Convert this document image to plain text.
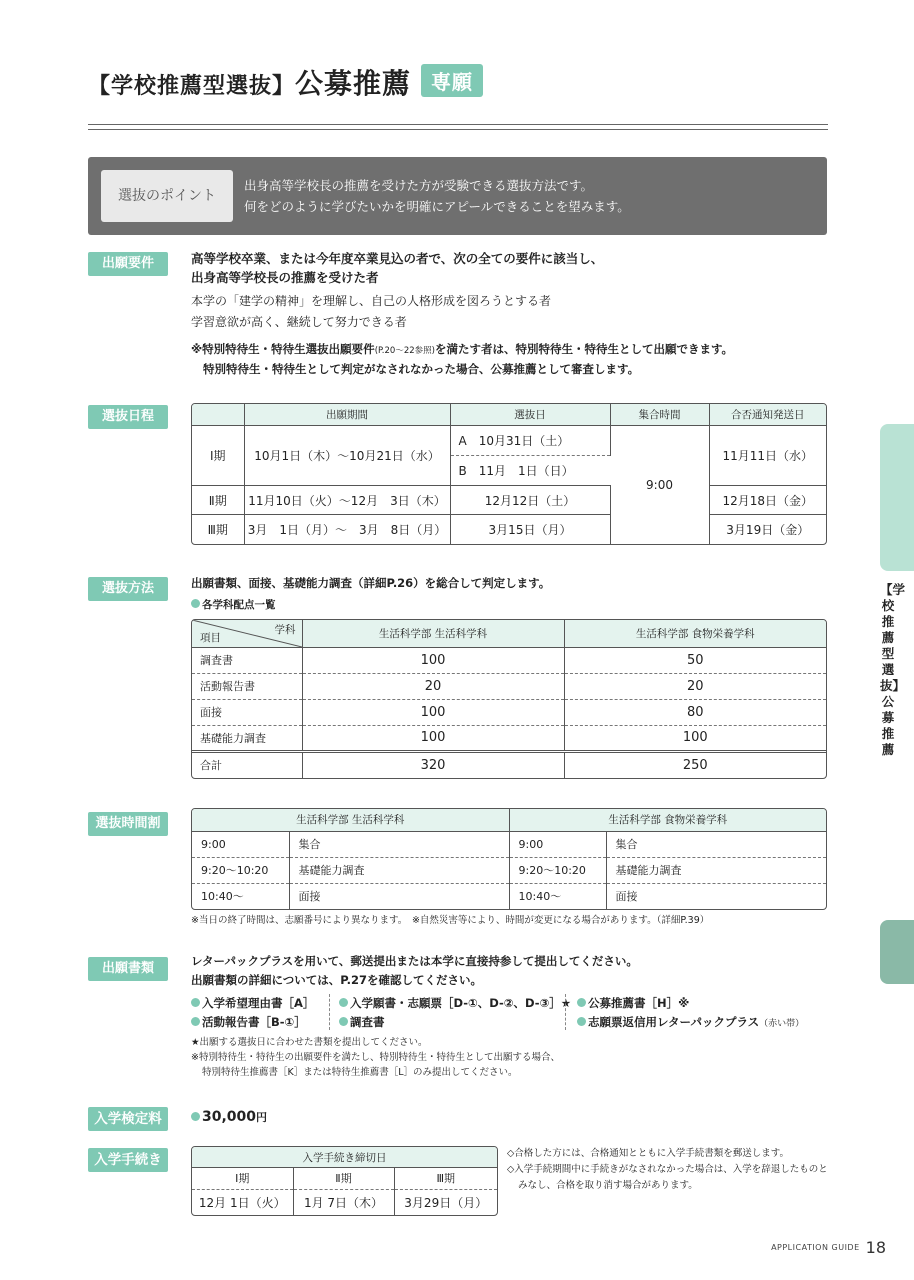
【学校推薦型選抜】公募推薦 専願
選抜のポイント
出身高等学校長の推薦を受けた方が受験できる選抜方法です。
何をどのように学びたいかを明確にアピールできることを望みます。
出願要件	高等学校卒業、または今年度卒業見込の者で、次の全ての要件に該当し、
出身高等学校長の推薦を受けた者
本学の「建学の精神」を理解し、自己の人格形成を図ろうとする者
学習意欲が高く、継続して努力できる者
※特別特待生・特待生選抜出願要件(P.20～22参照)を満たす者は、特別特待生・特待生として出願できます。
特別特待生・特待生として判定がなされなかった場合、公募推薦として審査します。
選抜日程
		出願期間	選抜日	集合時間	合否通知発送日
Ⅰ期	10月1日（木）～10月21日（水）	A　10月31日（土）	9:00	11月11日（水）
		B　11月　1日（日）		
Ⅱ期	11月10日（火）～12月　3日（木）	12月12日（土）		12月18日（金）
Ⅲ期	3月　1日（月）～　3月　8日（月）	3月15日（月）		3月19日（金）
選抜方法	出願書類、面接、基礎能力調査（詳細P.26）を総合して判定します。
各学科配点一覧
学科
項目	生活科学部 生活科学科	生活科学部 食物栄養学科
調査書	100	50
活動報告書	20	20
面接	100	80
基礎能力調査	100	100
合計	320	250
選抜時間割	生活科学部 生活科学科		生活科学部 食物栄養学科	
9:00	集合	9:00	集合
9:20～10:20	基礎能力調査	9:20～10:20	基礎能力調査
10:40～	面接	10:40～	面接
※当日の終了時間は、志願番号により異なります。　※自然災害等により、時間が変更になる場合があります。（詳細P.39）
出願書類	レターパックプラスを用いて、郵送提出または本学に直接持参して提出してください。
出願書類の詳細については、P.27を確認してください。
入学希望理由書［A］
活動報告書［B-①］
入学願書・志願票［D-①、D-②、D-③］★
調査書
公募推薦書［H］※
志願票返信用レターパックプラス（赤い帯）
★出願する選抜日に合わせた書類を提出してください。
※特別特待生・特待生の出願要件を満たし、特別特待生・特待生として出願する場合、
特別特待生推薦書［K］または特待生推薦書［L］のみ提出してください。
入学検定料	30,000円
入学手続き	入学手続き締切日		
Ⅰ期	Ⅱ期	Ⅲ期
12月 1日（火）	1月 7日（木）	3月29日（月）
◇合格した方には、合格通知とともに入学手続書類を郵送します。
◇入学手続期間中に手続きがなされなかった場合は、入学を辞退したものと
みなし、合格を取り消す場合があります。
【学校推薦型選抜】 公募推薦
$^{APPLICATION GUIDE}$ 18
